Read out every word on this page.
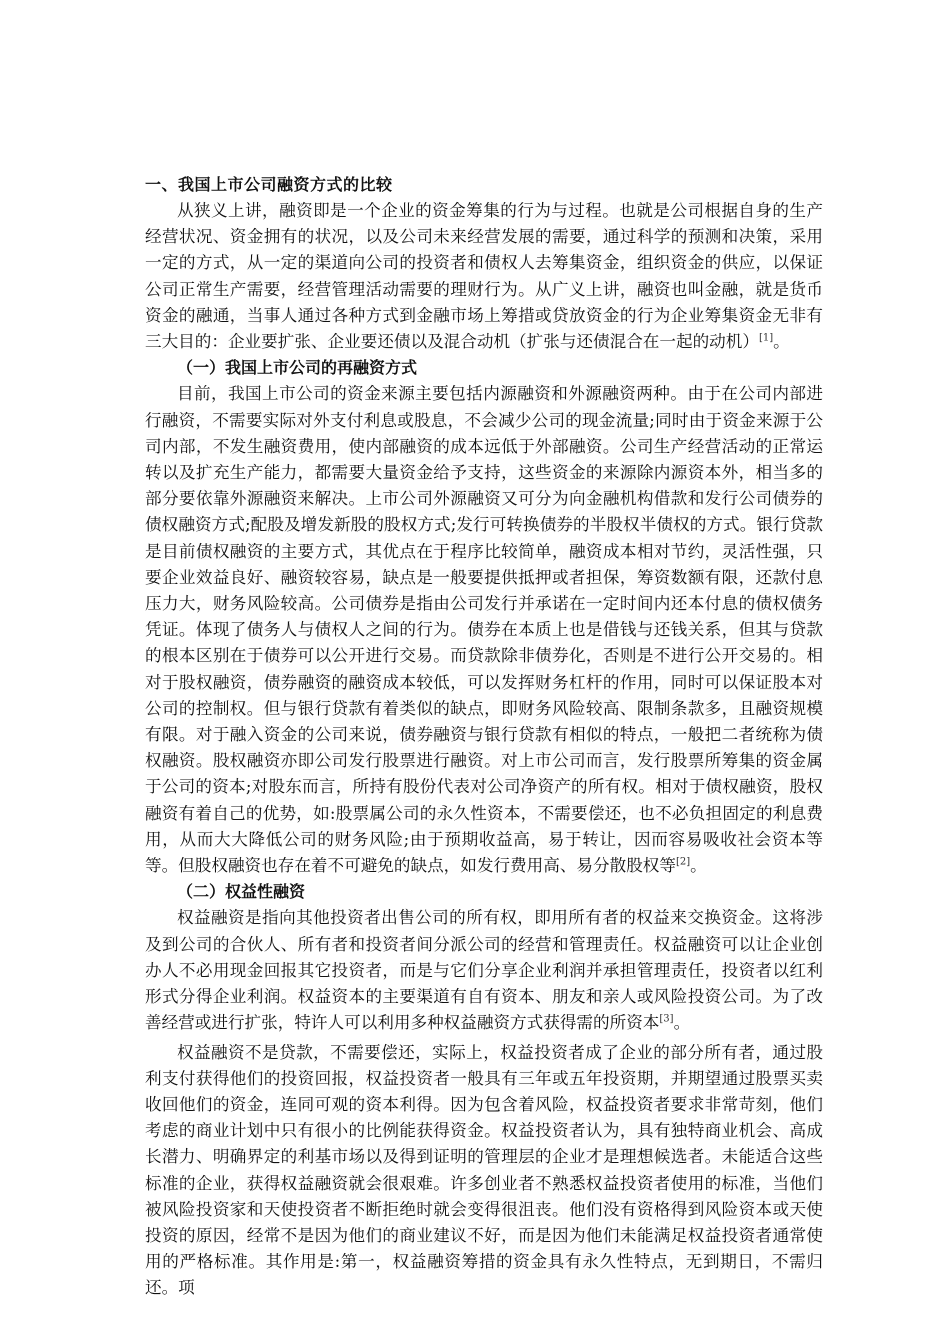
一、我国上市公司融资方式的比较

从狭义上讲，融资即是一个企业的资金筹集的行为与过程。也就是公司根据自身的生产经营状况、资金拥有的状况，以及公司未来经营发展的需要，通过科学的预测和决策，采用一定的方式，从一定的渠道向公司的投资者和债权人去筹集资金，组织资金的供应，以保证公司正常生产需要，经营管理活动需要的理财行为。从广义上讲，融资也叫金融，就是货币资金的融通，当事人通过各种方式到金融市场上筹措或贷放资金的行为企业筹集资金无非有三大目的：企业要扩张、企业要还债以及混合动机（扩张与还债混合在一起的动机）[1]。

（一）我国上市公司的再融资方式

目前，我国上市公司的资金来源主要包括内源融资和外源融资两种。由于在公司内部进行融资，不需要实际对外支付利息或股息，不会减少公司的现金流量;同时由于资金来源于公司内部，不发生融资费用，使内部融资的成本远低于外部融资。公司生产经营活动的正常运转以及扩充生产能力，都需要大量资金给予支持，这些资金的来源除内源资本外，相当多的部分要依靠外源融资来解决。上市公司外源融资又可分为向金融机构借款和发行公司债券的债权融资方式;配股及增发新股的股权方式;发行可转换债券的半股权半债权的方式。银行贷款是目前债权融资的主要方式，其优点在于程序比较简单，融资成本相对节约，灵活性强，只要企业效益良好、融资较容易，缺点是一般要提供抵押或者担保，筹资数额有限，还款付息压力大，财务风险较高。公司债券是指由公司发行并承诺在一定时间内还本付息的债权债务凭证。体现了债务人与债权人之间的行为。债券在本质上也是借钱与还钱关系，但其与贷款的根本区别在于债券可以公开进行交易。而贷款除非债券化，否则是不进行公开交易的。相对于股权融资，债券融资的融资成本较低，可以发挥财务杠杆的作用，同时可以保证股本对公司的控制权。但与银行贷款有着类似的缺点，即财务风险较高、限制条款多，且融资规模有限。对于融入资金的公司来说，债券融资与银行贷款有相似的特点，一般把二者统称为债权融资。股权融资亦即公司发行股票进行融资。对上市公司而言，发行股票所筹集的资金属于公司的资本;对股东而言，所持有股份代表对公司净资产的所有权。相对于债权融资，股权融资有着自己的优势，如:股票属公司的永久性资本，不需要偿还，也不必负担固定的利息费用，从而大大降低公司的财务风险;由于预期收益高，易于转让，因而容易吸收社会资本等等。但股权融资也存在着不可避免的缺点，如发行费用高、易分散股权等[2]。

（二）权益性融资

权益融资是指向其他投资者出售公司的所有权，即用所有者的权益来交换资金。这将涉及到公司的合伙人、所有者和投资者间分派公司的经营和管理责任。权益融资可以让企业创办人不必用现金回报其它投资者，而是与它们分享企业利润并承担管理责任，投资者以红利形式分得企业利润。权益资本的主要渠道有自有资本、朋友和亲人或风险投资公司。为了改善经营或进行扩张，特许人可以利用多种权益融资方式获得需的所资本[3]。

权益融资不是贷款，不需要偿还，实际上，权益投资者成了企业的部分所有者，通过股利支付获得他们的投资回报，权益投资者一般具有三年或五年投资期，并期望通过股票买卖收回他们的资金，连同可观的资本利得。因为包含着风险，权益投资者要求非常苛刻，他们考虑的商业计划中只有很小的比例能获得资金。权益投资者认为，具有独特商业机会、高成长潜力、明确界定的利基市场以及得到证明的管理层的企业才是理想候选者。未能适合这些标准的企业，获得权益融资就会很艰难。许多创业者不熟悉权益投资者使用的标准，当他们被风险投资家和天使投资者不断拒绝时就会变得很沮丧。他们没有资格得到风险资本或天使投资的原因，经常不是因为他们的商业建议不好，而是因为他们未能满足权益投资者通常使用的严格标准。其作用是:第一，权益融资筹措的资金具有永久性特点，无到期日，不需归还。项
